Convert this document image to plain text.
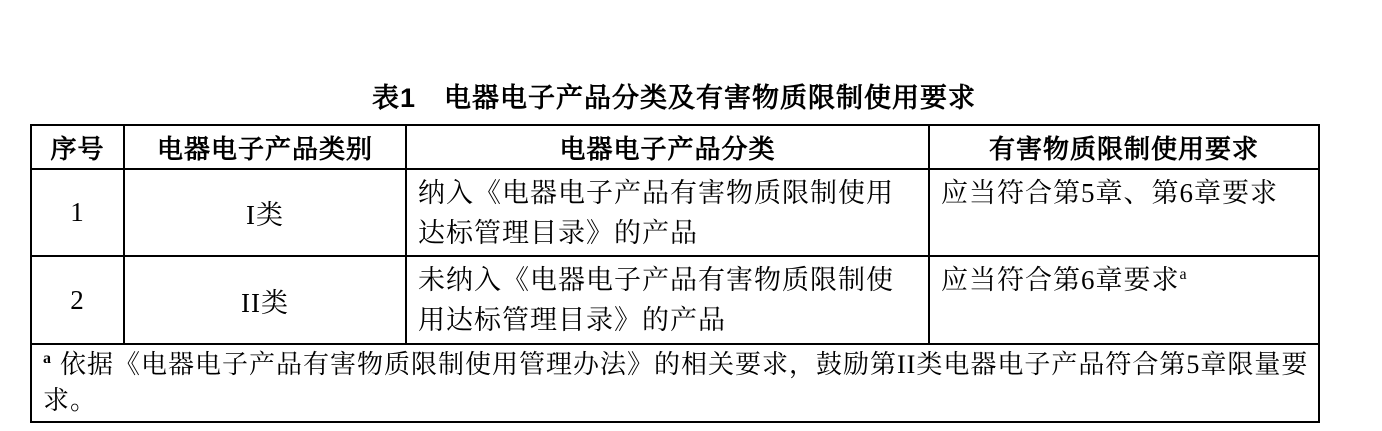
表1　电器电子产品分类及有害物质限制使用要求
序号	电器电子产品类别	电器电子产品分类	有害物质限制使用要求
1	I类	纳入《电器电子产品有害物质限制使用达标管理目录》的产品	应当符合第5章、第6章要求
2	II类	未纳入《电器电子产品有害物质限制使用达标管理目录》的产品	应当符合第6章要求$^a$
$^a$ 依据《电器电子产品有害物质限制使用管理办法》的相关要求，鼓励第II类电器电子产品符合第5章限量要求。			
